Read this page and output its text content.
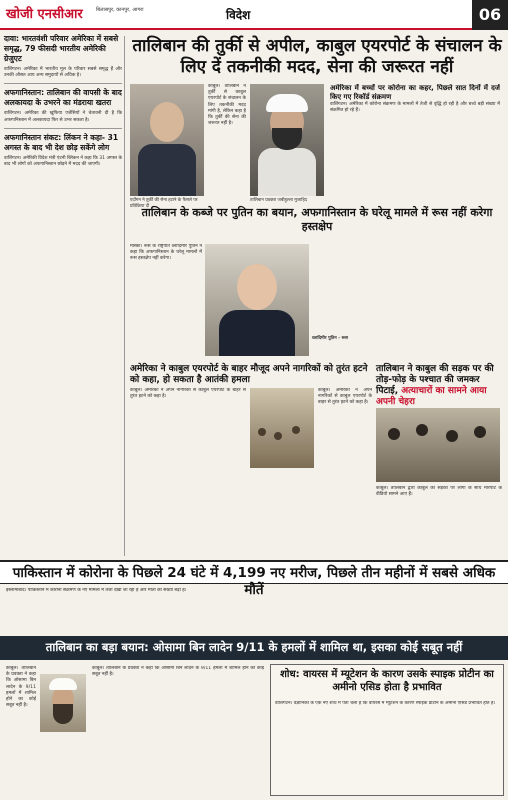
खोजी एनसीआर	बिलासपुर, कानपुर, आगरा	विदेश	06
दावा: भारतवंशी परिवार अमेरिका में सबसे समृद्ध, 79 फीसदी भारतीय अमेरिकी ग्रेजुएट
वाशिंगटन। अमेरिका में भारतीय मूल के परिवार सबसे समृद्ध हैं और उनकी औसत आय अन्य समुदायों से अधिक है।
अफगानिस्तान: तालिबान की वापसी के बाद अलकायदा के उभरने का मंडराया खतरा
वाशिंगटन। अमेरिका की खुफिया एजेंसियों ने चेतावनी दी है कि अफगानिस्तान में अलकायदा फिर से उभर सकता है।
अफगानिस्तान संकट: लिंकन ने कहा- 31 अगस्त के बाद भी देश छोड़ सकेंगे लोग
वाशिंगटन। अमेरिकी विदेश मंत्री एंटनी ब्लिंकन ने कहा कि 31 अगस्त के बाद भी लोगों को अफगानिस्तान छोड़ने में मदद की जाएगी।
तालिबान की तुर्की से अपील, काबुल एयरपोर्ट के संचालन के लिए दें तकनीकी मदद, सेना की जरूरत नहीं
एर्दोगन ने तुर्की की सेना हटाने के फैसले पर प्रतिक्रिया दी
काबुल। तालिबान ने तुर्की से काबुल एयरपोर्ट के संचालन के लिए तकनीकी मदद मांगी है, लेकिन कहा है कि तुर्की की सेना की जरूरत नहीं है।
तालिबान प्रवक्ता जबीहुल्ला मुजाहिद
अमेरिका में बच्चों पर कोरोना का कहर, पिछले सात दिनों में दर्ज किए गए रिकॉर्ड संक्रमण
वाशिंगटन। अमेरिका में कोरोना संक्रमण के मामलों में तेजी से वृद्धि हो रही है और बच्चे बड़ी संख्या में संक्रमित हो रहे हैं।
तालिबान के कब्जे पर पुतिन का बयान, अफगानिस्तान के घरेलू मामले में रूस नहीं करेगा हस्तक्षेप
मास्को। रूस के राष्ट्रपति व्लादिमीर पुतिन ने कहा कि अफगानिस्तान के घरेलू मामलों में रूस हस्तक्षेप नहीं करेगा।
व्लादिमीर पुतिन - रूस
अमेरिका ने काबुल एयरपोर्ट के बाहर मौजूद अपने नागरिकों को तुरंत हटने को कहा, हो सकता है आतंकी हमला
काबुल। अमेरिका ने अपने नागरिकों से काबुल एयरपोर्ट के बाहर से तुरंत हटने को कहा है।
काबुल। अमेरिका ने अपने नागरिकों से काबुल एयरपोर्ट के बाहर से तुरंत हटने को कहा है।
तालिबान ने काबुल की सड़क पर की तोड़-फोड़ के पश्चात की जमकर पिटाई, अत्याचारों का सामने आया अपनी चेहरा
काबुल। तालिबान द्वारा काबुल की सड़कों पर लोगों के साथ मारपीट के वीडियो सामने आए हैं।
पाकिस्तान में कोरोना के पिछले 24 घंटे में 4,199 नए मरीज, पिछले तीन महीनों में सबसे अधिक मौतें
इस्लामाबाद। पाकिस्तान में कोरोना संक्रमण के नए मामलों में तेजी देखी जा रही है और मौतों की संख्या बढ़ी है।
तालिबान का बड़ा बयान: ओसामा बिन लादेन 9/11 के हमलों में शामिल था, इसका कोई सबूत नहीं
काबुल। तालिबान के प्रवक्ता ने कहा कि ओसामा बिन लादेन के 9/11 हमलों में शामिल होने का कोई सबूत नहीं है।
काबुल। तालिबान के प्रवक्ता ने कहा कि ओसामा बिन लादेन के 9/11 हमलों में शामिल होने का कोई सबूत नहीं है।	शोध: वायरस में म्यूटेशन के कारण उसके स्पाइक प्रोटीन का अमीनो एसिड होता है प्रभावित
वाशिंगटन। वैज्ञानिकों के एक नए शोध में पता चला है कि वायरस में म्यूटेशन के कारण स्पाइक प्रोटीन के अमीनो एसिड प्रभावित होते हैं।
